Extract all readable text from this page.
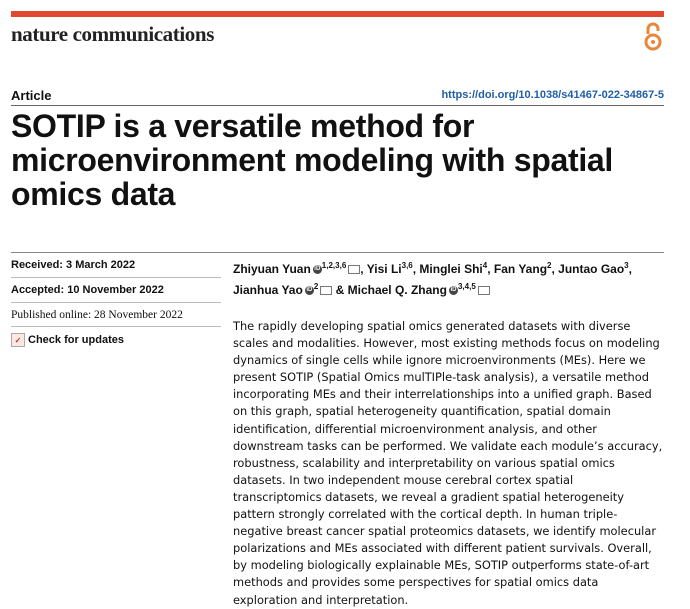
nature communications
Article	https://doi.org/10.1038/s41467-022-34867-5
SOTIP is a versatile method for microenvironment modeling with spatial omics data
Received: 3 March 2022
Accepted: 10 November 2022
Published online: 28 November 2022
✓ Check for updates
Zhiyuan Yuan iD $^{1,2,3,6}$ , Yisi Li$^{3,6}$, Minglei Shi$^4$, Fan Yang$^2$, Juntao Gao$^3$, Jianhua Yao iD $^2$ & Michael Q. Zhang iD $^{3,4,5}$

The rapidly developing spatial omics generated datasets with diverse scales and modalities. However, most existing methods focus on modeling dynamics of single cells while ignore microenvironments (MEs). Here we present SOTIP (Spatial Omics mulTIPle-task analysis), a versatile method incorporating MEs and their interrelationships into a unified graph. Based on this graph, spatial heterogeneity quantification, spatial domain identification, differential microenvironment analysis, and other downstream tasks can be performed. We validate each module’s accuracy, robustness, scalability and interpretability on various spatial omics datasets. In two independent mouse cerebral cortex spatial transcriptomics datasets, we reveal a gradient spatial heterogeneity pattern strongly correlated with the cortical depth. In human triple-negative breast cancer spatial proteomics datasets, we identify molecular polarizations and MEs associated with different patient survivals. Overall, by modeling biologically explainable MEs, SOTIP outperforms state-of-art methods and provides some perspectives for spatial omics data exploration and interpretation.
